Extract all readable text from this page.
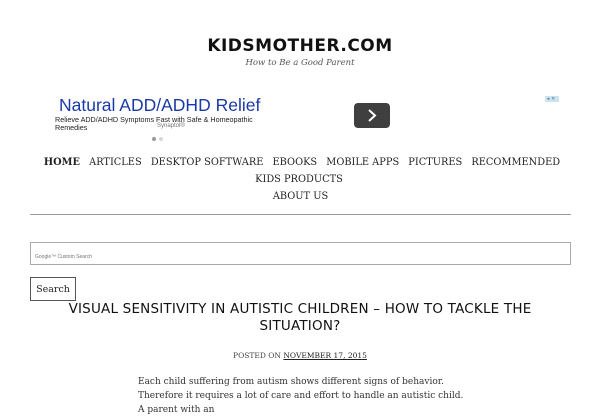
KIDSMOTHER.COM
How to Be a Good Parent
Natural ADD/ADHD Relief
Relieve ADD/ADHD Symptoms Fast with Safe & Homeopathic Remedies	Synaptol®
▸✕
HOME ARTICLES DESKTOP SOFTWARE EBOOKS MOBILE APPS PICTURES RECOMMENDED KIDS PRODUCTS
ABOUT US
Google™ Custom Search
Search
VISUAL SENSITIVITY IN AUTISTIC CHILDREN – HOW TO TACKLE THE SITUATION?
POSTED ON NOVEMBER 17, 2015

Each child suffering from autism shows different signs of behavior. Therefore it requires a lot of care and effort to handle an autistic child. A parent with an
